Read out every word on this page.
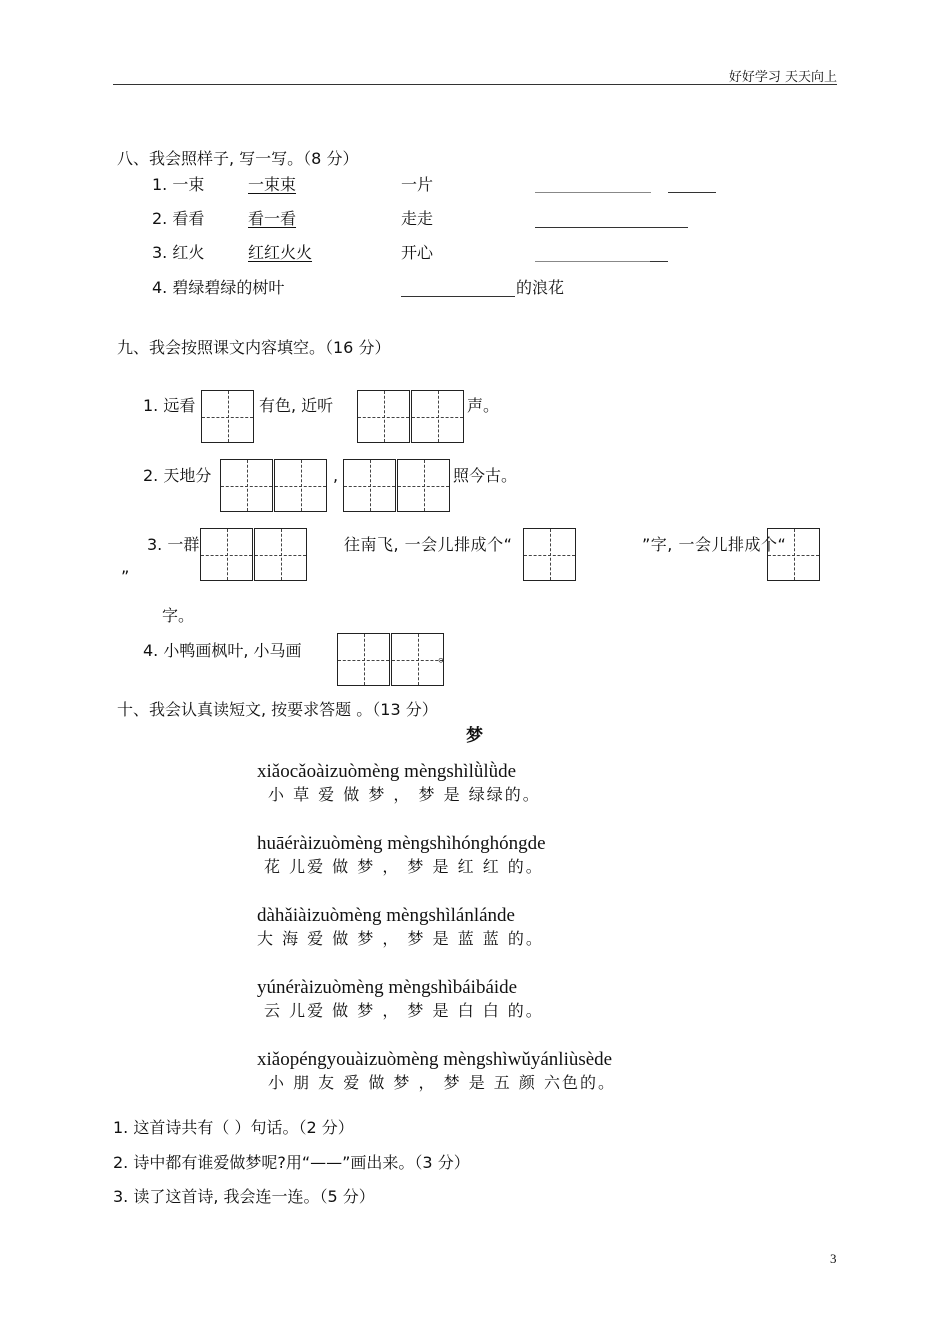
好好学习 天天向上
八、我会照样子, 写一写。（8 分）
1. 一束	一束束	一片
2. 看看	看一看	走走
3. 红火	红红火火	开心
4. 碧绿碧绿的树叶	的浪花
九、我会按照课文内容填空。（16 分）
1. 远看	有色, 近听	声。
2. 天地分	,	照今古。
3. 一群	往南飞, 一会儿排成个“	”字, 一会儿排成个“
”
字。
4. 小鸭画枫叶, 小马画	。
十、我会认真读短文, 按要求答题 。（13 分）
梦
xiǎocǎoàizuòmèng mèngshìlǜlǜde
小 草 爱 做 梦 ， 梦 是 绿绿的。
huāéràizuòmèng mèngshìhónghóngde
花 儿爱 做 梦 ， 梦 是 红 红 的。
dàhǎiàizuòmèng mèngshìlánlánde
大 海 爱 做 梦 ， 梦 是 蓝 蓝 的。
yúnéràizuòmèng mèngshìbáibáide
云 儿爱 做 梦 ， 梦 是 白 白 的。
xiǎopéngyouàizuòmèng mèngshìwǔyánliùsède
小 朋 友 爱 做 梦 ， 梦 是 五 颜 六色的。
1. 这首诗共有（ ）句话。（2 分）
2. 诗中都有谁爱做梦呢?用“——”画出来。（3 分）
3. 读了这首诗, 我会连一连。（5 分）
3
